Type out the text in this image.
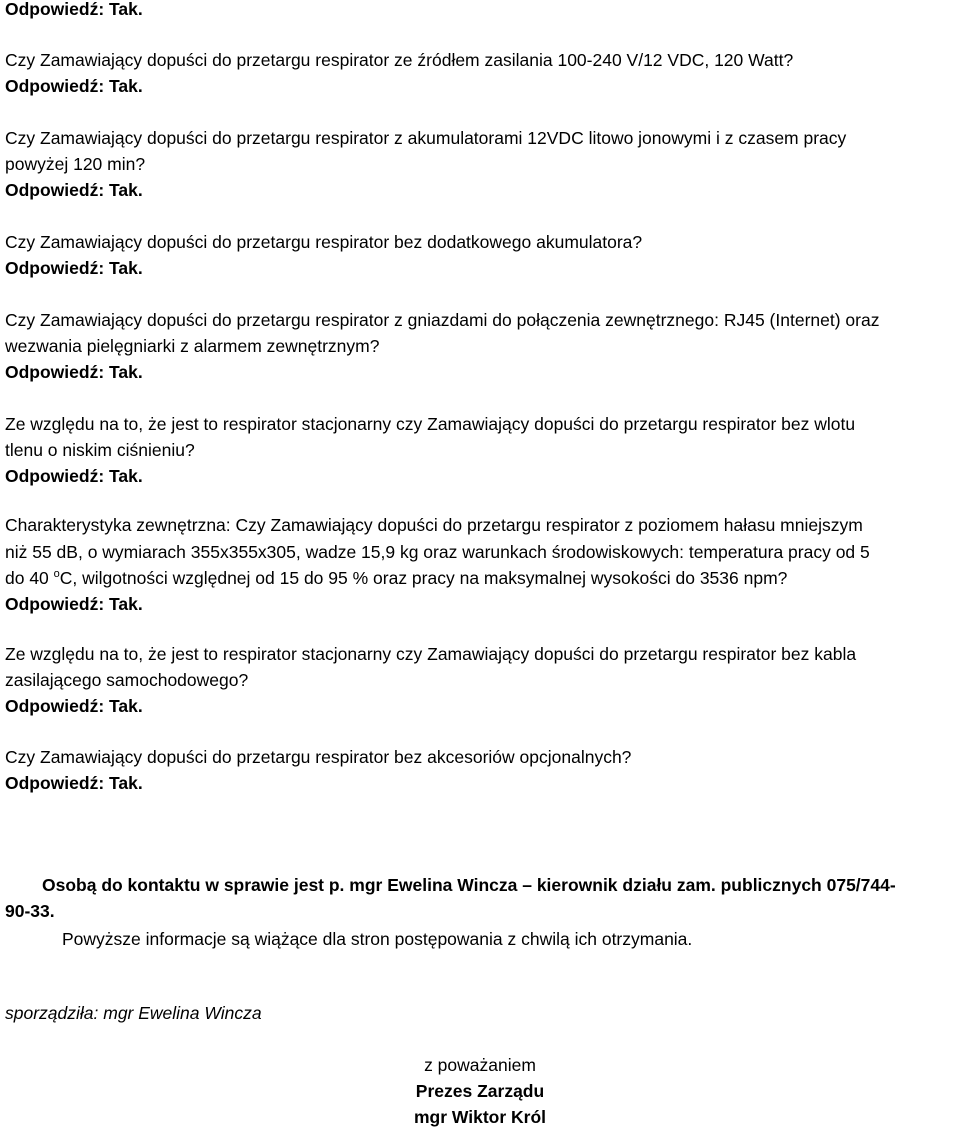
Odpowiedź: Tak.
Czy Zamawiający dopuści do przetargu respirator ze źródłem zasilania 100-240 V/12 VDC, 120 Watt?
Odpowiedź: Tak.
Czy Zamawiający dopuści do przetargu respirator z akumulatorami 12VDC litowo jonowymi i z czasem pracy
powyżej 120 min?
Odpowiedź: Tak.
Czy Zamawiający dopuści do przetargu respirator bez dodatkowego akumulatora?
Odpowiedź: Tak.
Czy Zamawiający dopuści do przetargu respirator z gniazdami do połączenia zewnętrznego: RJ45 (Internet) oraz
wezwania pielęgniarki z alarmem zewnętrznym?
Odpowiedź: Tak.
Ze względu na to, że jest to respirator stacjonarny czy Zamawiający dopuści do przetargu respirator bez wlotu
tlenu o niskim ciśnieniu?
Odpowiedź: Tak.
Charakterystyka zewnętrzna: Czy Zamawiający dopuści do przetargu respirator z poziomem hałasu mniejszym
niż 55 dB, o wymiarach 355x355x305, wadze 15,9 kg oraz warunkach środowiskowych: temperatura pracy od 5
do 40 $^o$C, wilgotności względnej od 15 do 95 % oraz pracy na maksymalnej wysokości do 3536 npm?
Odpowiedź: Tak.
Ze względu na to, że jest to respirator stacjonarny czy Zamawiający dopuści do przetargu respirator bez kabla
zasilającego samochodowego?
Odpowiedź: Tak.
Czy Zamawiający dopuści do przetargu respirator bez akcesoriów opcjonalnych?
Odpowiedź: Tak.
Osobą do kontaktu w sprawie jest p. mgr Ewelina Wincza – kierownik działu zam. publicznych 075/744-
90-33.
Powyższe informacje są wiążące dla stron postępowania z chwilą ich otrzymania.
sporządziła: mgr Ewelina Wincza
z poważaniem
Prezes Zarządu
mgr Wiktor Król
